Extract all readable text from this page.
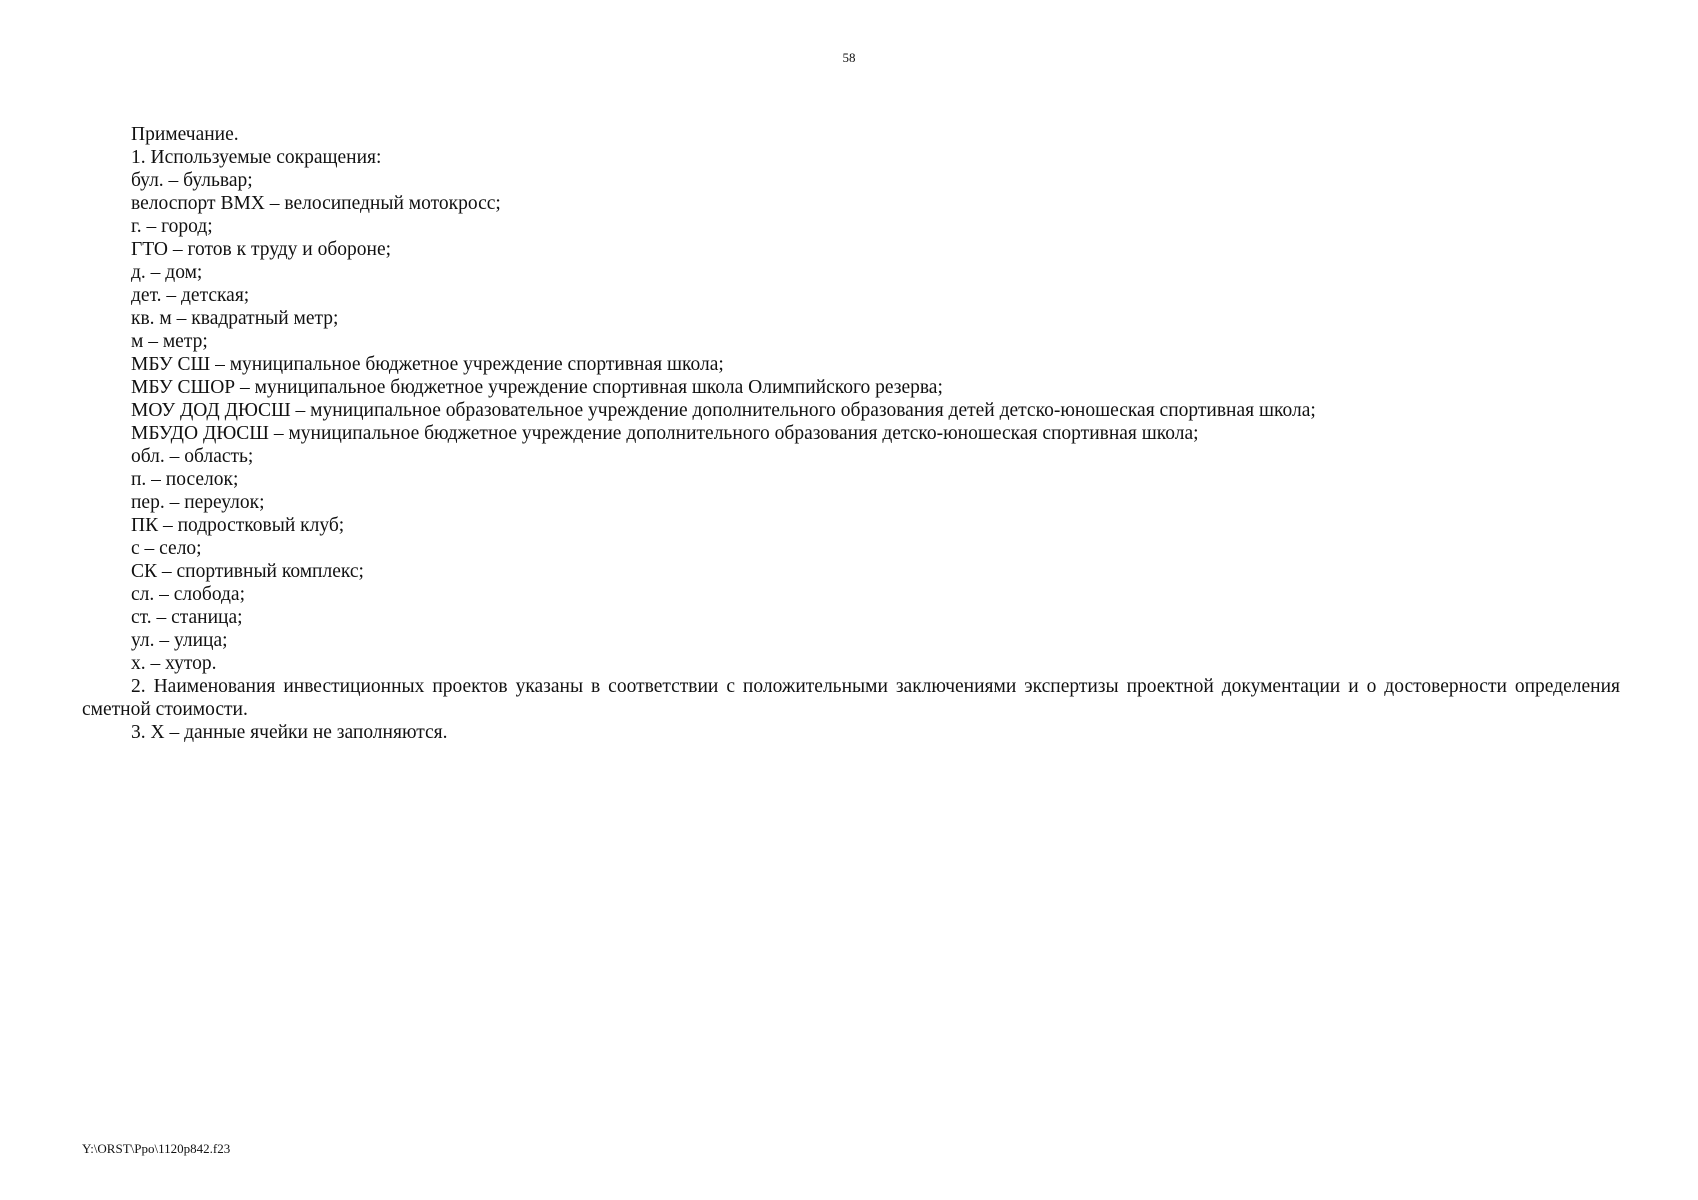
58

Примечание.

1. Используемые сокращения:

бул. – бульвар;
велоспорт BMX – велосипедный мотокросс;
г. – город;
ГТО – готов к труду и обороне;
д. – дом;
дет. – детская;
кв. м – квадратный метр;
м – метр;
МБУ СШ – муниципальное бюджетное учреждение спортивная школа;
МБУ СШОР – муниципальное бюджетное учреждение спортивная школа Олимпийского резерва;
МОУ ДОД ДЮСШ – муниципальное образовательное учреждение дополнительного образования детей детско-юношеская спортивная школа;
МБУДО ДЮСШ – муниципальное бюджетное учреждение дополнительного образования детско-юношеская спортивная школа;
обл. – область;
п. – поселок;
пер. – переулок;
ПК – подростковый клуб;
с – село;
СК – спортивный комплекс;
сл. – слобода;
ст. – станица;
ул. – улица;
х. – хутор.

2. Наименования инвестиционных проектов указаны в соответствии с положительными заключениями экспертизы проектной документации и о достоверности определения сметной стоимости.

3. Х – данные ячейки не заполняются.

Y:\ORST\Ppo\1120p842.f23
